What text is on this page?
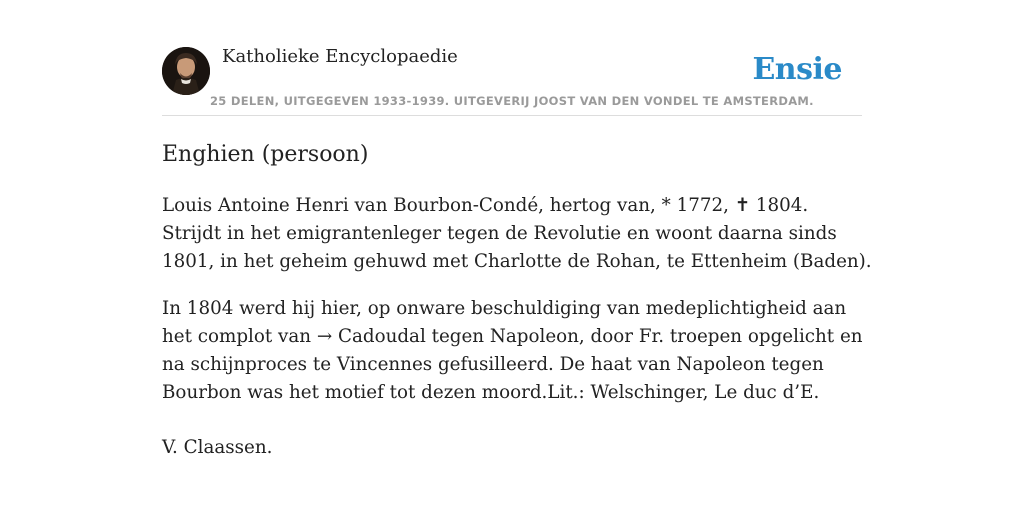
Katholieke Encyclopaedie
25 DELEN, UITGEGEVEN 1933-1939. UITGEVERIJ JOOST VAN DEN VONDEL TE AMSTERDAM.
Ensie
Enghien (persoon)

Louis Antoine Henri van Bourbon-Condé, hertog van, * 1772, ✝ 1804. Strijdt in het emigrantenleger tegen de Revolutie en woont daarna sinds 1801, in het geheim gehuwd met Charlotte de Rohan, te Ettenheim (Baden).

In 1804 werd hij hier, op onware beschuldiging van medeplichtigheid aan het complot van → Cadoudal tegen Napoleon, door Fr. troepen opgelicht en na schijnproces te Vincennes gefusilleerd. De haat van Napoleon tegen Bourbon was het motief tot dezen moord.Lit.: Welschinger, Le duc d’E.

V. Claassen.
